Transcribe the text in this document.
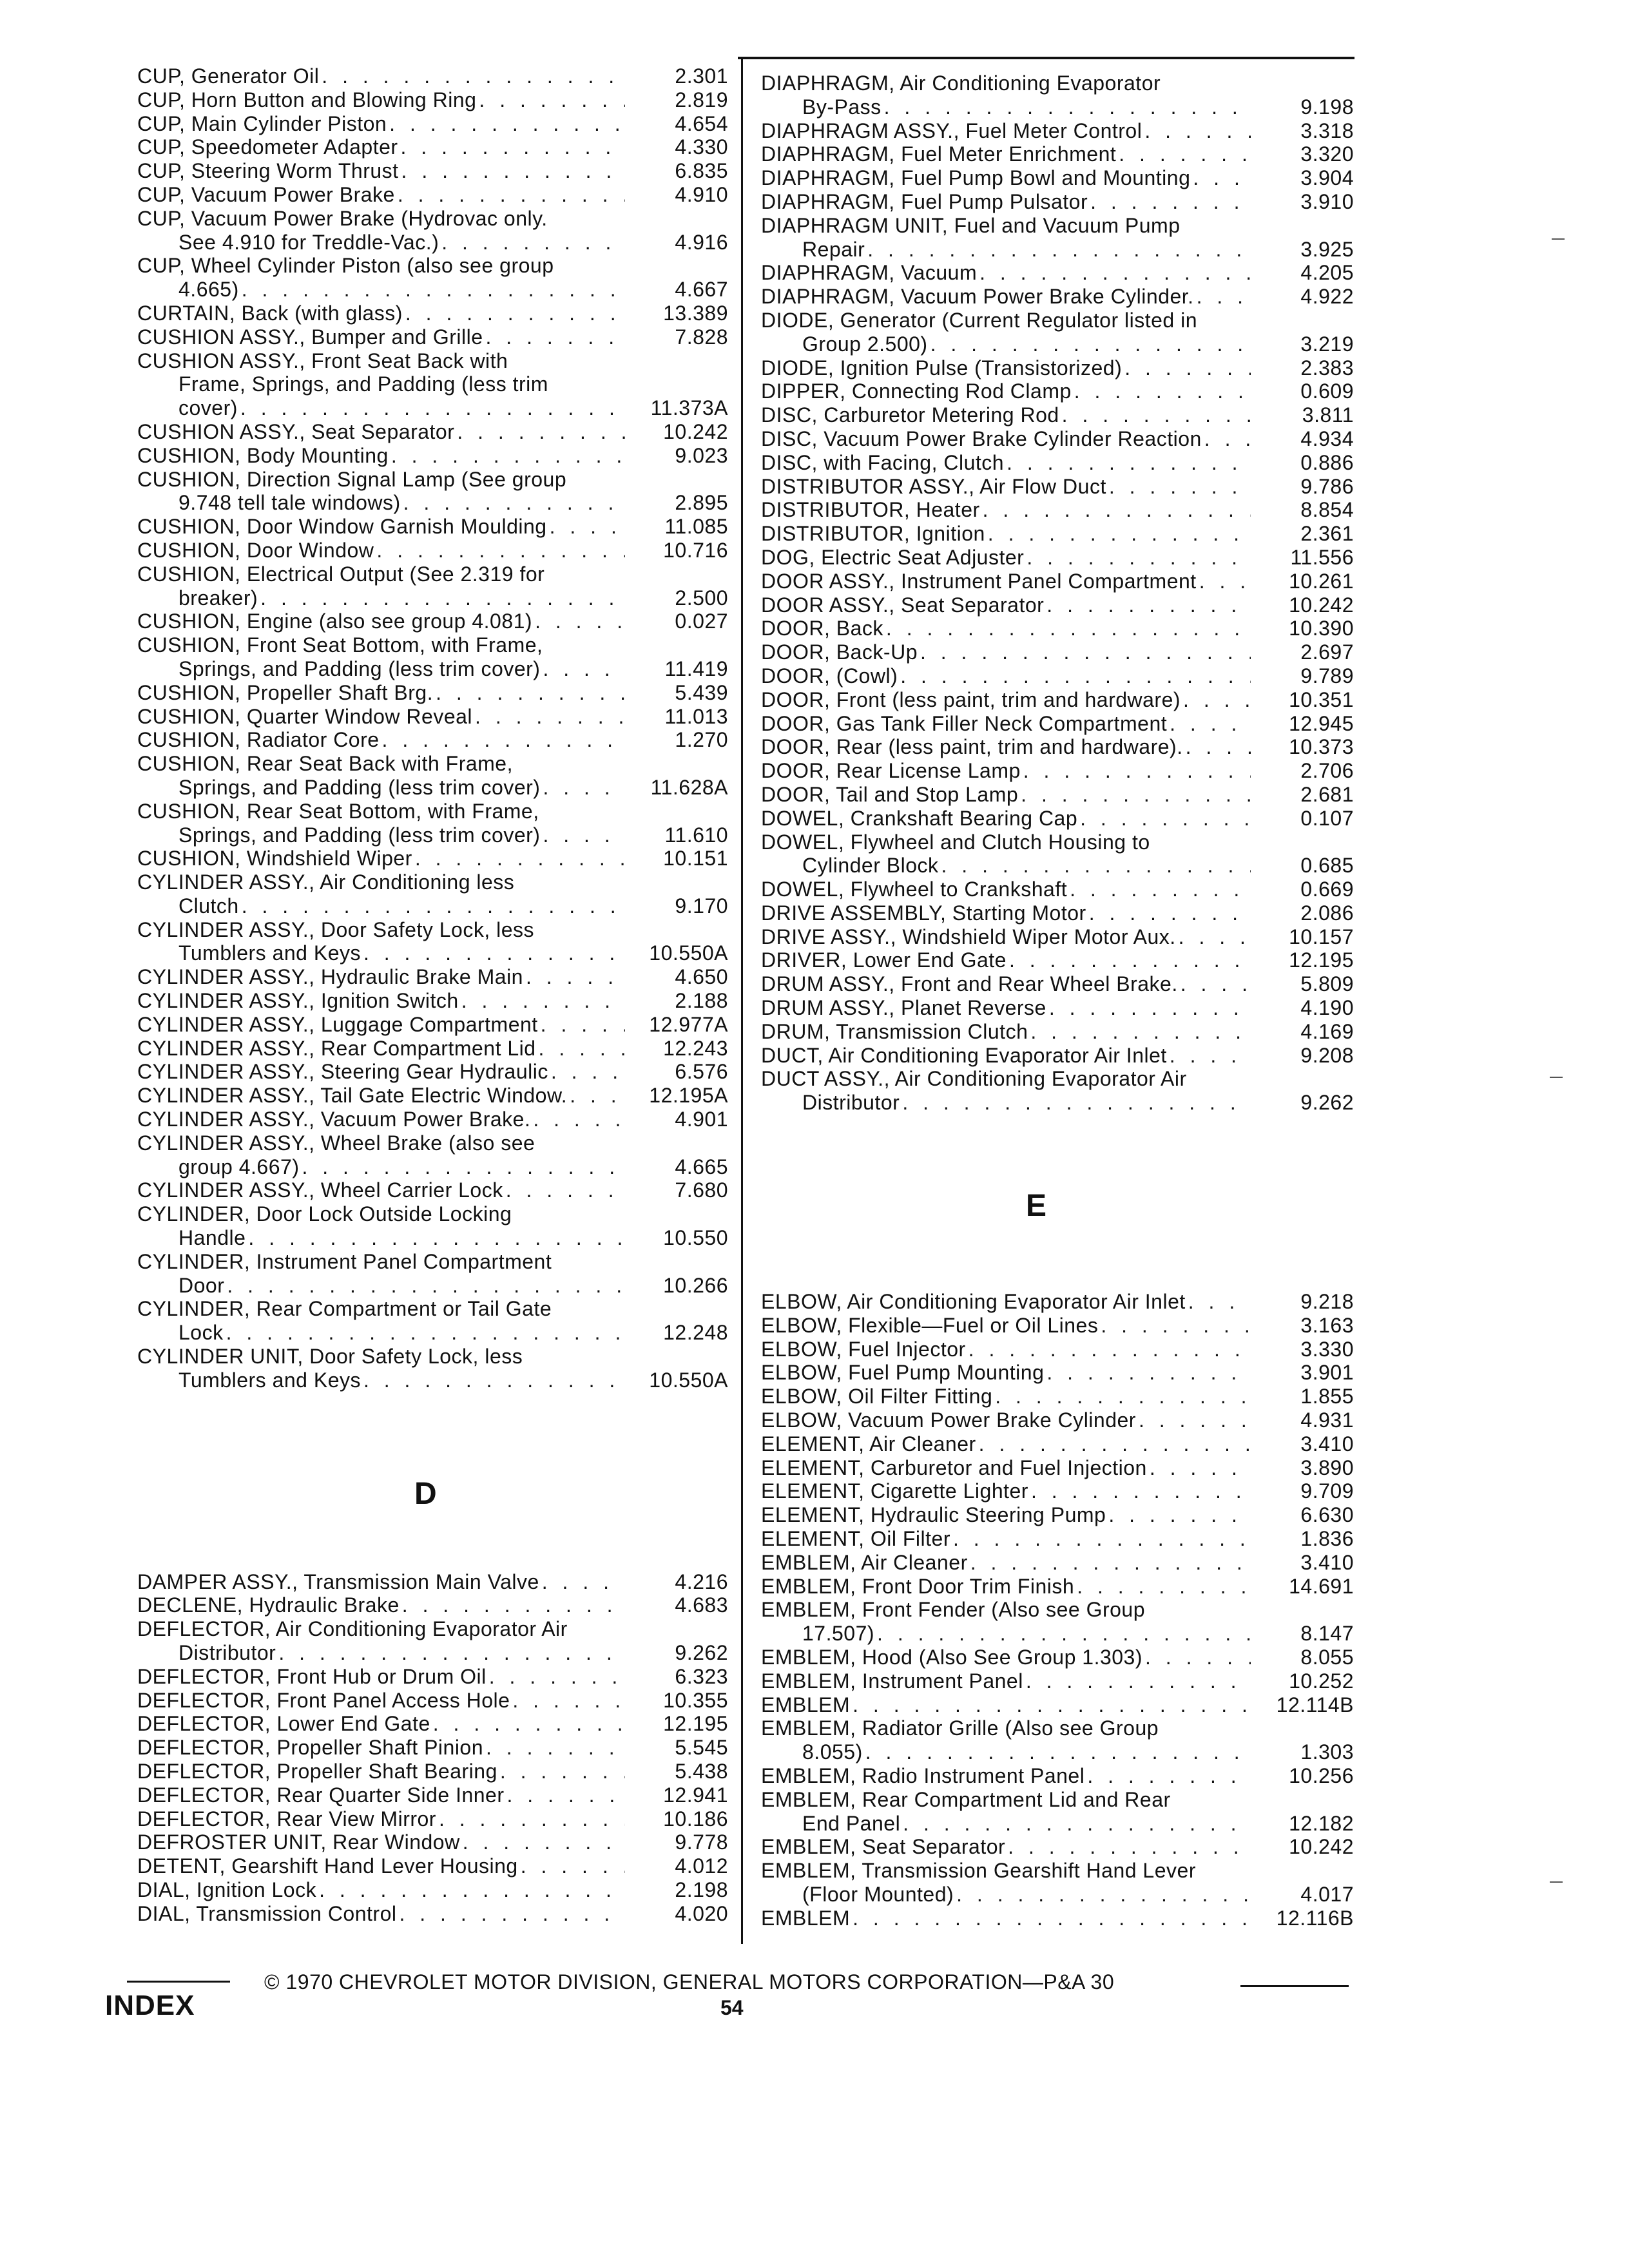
CUP, Generator Oil . . .	2.301
CUP, Horn Button and Blowing Ring . . .	2.819
CUP, Main Cylinder Piston . . .	4.654
CUP, Speedometer Adapter . . .	4.330
CUP, Steering Worm Thrust . . .	6.835
CUP, Vacuum Power Brake . . .	4.910
CUP, Vacuum Power Brake (Hydrovac only.
See 4.910 for Treddle-Vac.) . . .	4.916
CUP, Wheel Cylinder Piston (also see group
4.665) . . .	4.667
CURTAIN, Back (with glass) . . .	13.389
CUSHION ASSY., Bumper and Grille . . .	7.828
CUSHION ASSY., Front Seat Back with
Frame, Springs, and Padding (less trim
cover) . . .	11.373A
CUSHION ASSY., Seat Separator . . .	10.242
CUSHION, Body Mounting . . .	9.023
CUSHION, Direction Signal Lamp (See group
9.748 tell tale windows) . . .	2.895
CUSHION, Door Window Garnish Moulding . . .	11.085
CUSHION, Door Window . . .	10.716
CUSHION, Electrical Output (See 2.319 for
breaker) . . .	2.500
CUSHION, Engine (also see group 4.081) . . .	0.027
CUSHION, Front Seat Bottom, with Frame,
Springs, and Padding (less trim cover) . . .	11.419
CUSHION, Propeller Shaft Brg. . . .	5.439
CUSHION, Quarter Window Reveal . . .	11.013
CUSHION, Radiator Core . . .	1.270
CUSHION, Rear Seat Back with Frame,
Springs, and Padding (less trim cover) . . .	11.628A
CUSHION, Rear Seat Bottom, with Frame,
Springs, and Padding (less trim cover) . . .	11.610
CUSHION, Windshield Wiper . . .	10.151
CYLINDER ASSY., Air Conditioning less
Clutch . . .	9.170
CYLINDER ASSY., Door Safety Lock, less
Tumblers and Keys . . .	10.550A
CYLINDER ASSY., Hydraulic Brake Main . . .	4.650
CYLINDER ASSY., Ignition Switch . . .	2.188
CYLINDER ASSY., Luggage Compartment . . .	12.977A
CYLINDER ASSY., Rear Compartment Lid . . .	12.243
CYLINDER ASSY., Steering Gear Hydraulic . . .	6.576
CYLINDER ASSY., Tail Gate Electric Window. . . .	12.195A
CYLINDER ASSY., Vacuum Power Brake. . . .	4.901
CYLINDER ASSY., Wheel Brake (also see
group 4.667) . . .	4.665
CYLINDER ASSY., Wheel Carrier Lock . . .	7.680
CYLINDER, Door Lock Outside Locking
Handle . . .	10.550
CYLINDER, Instrument Panel Compartment
Door . . .	10.266
CYLINDER, Rear Compartment or Tail Gate
Lock . . .	12.248
CYLINDER UNIT, Door Safety Lock, less
Tumblers and Keys . . .	10.550A
D
DAMPER ASSY., Transmission Main Valve . . .	4.216
DECLENE, Hydraulic Brake . . .	4.683
DEFLECTOR, Air Conditioning Evaporator Air
Distributor . . .	9.262
DEFLECTOR, Front Hub or Drum Oil . . .	6.323
DEFLECTOR, Front Panel Access Hole . . .	10.355
DEFLECTOR, Lower End Gate . . .	12.195
DEFLECTOR, Propeller Shaft Pinion . . .	5.545
DEFLECTOR, Propeller Shaft Bearing . . .	5.438
DEFLECTOR, Rear Quarter Side Inner . . .	12.941
DEFLECTOR, Rear View Mirror . . .	10.186
DEFROSTER UNIT, Rear Window . . .	9.778
DETENT, Gearshift Hand Lever Housing . . .	4.012
DIAL, Ignition Lock . . .	2.198
DIAL, Transmission Control . . .	4.020
DIAPHRAGM, Air Conditioning Evaporator
By-Pass . . .	9.198
DIAPHRAGM ASSY., Fuel Meter Control . . .	3.318
DIAPHRAGM, Fuel Meter Enrichment . . .	3.320
DIAPHRAGM, Fuel Pump Bowl and Mounting . . .	3.904
DIAPHRAGM, Fuel Pump Pulsator . . .	3.910
DIAPHRAGM UNIT, Fuel and Vacuum Pump
Repair . . .	3.925
DIAPHRAGM, Vacuum . . .	4.205
DIAPHRAGM, Vacuum Power Brake Cylinder. . . .	4.922
DIODE, Generator (Current Regulator listed in
Group 2.500) . . .	3.219
DIODE, Ignition Pulse (Transistorized) . . .	2.383
DIPPER, Connecting Rod Clamp . . .	0.609
DISC, Carburetor Metering Rod . . .	3.811
DISC, Vacuum Power Brake Cylinder Reaction . . .	4.934
DISC, with Facing, Clutch . . .	0.886
DISTRIBUTOR ASSY., Air Flow Duct . . .	9.786
DISTRIBUTOR, Heater . . .	8.854
DISTRIBUTOR, Ignition . . .	2.361
DOG, Electric Seat Adjuster . . .	11.556
DOOR ASSY., Instrument Panel Compartment . . .	10.261
DOOR ASSY., Seat Separator . . .	10.242
DOOR, Back . . .	10.390
DOOR, Back-Up . . .	2.697
DOOR, (Cowl) . . .	9.789
DOOR, Front (less paint, trim and hardware) . . .	10.351
DOOR, Gas Tank Filler Neck Compartment . . .	12.945
DOOR, Rear (less paint, trim and hardware). . . .	10.373
DOOR, Rear License Lamp . . .	2.706
DOOR, Tail and Stop Lamp . . .	2.681
DOWEL, Crankshaft Bearing Cap . . .	0.107
DOWEL, Flywheel and Clutch Housing to
Cylinder Block . . .	0.685
DOWEL, Flywheel to Crankshaft . . .	0.669
DRIVE ASSEMBLY, Starting Motor . . .	2.086
DRIVE ASSY., Windshield Wiper Motor Aux. . . .	10.157
DRIVER, Lower End Gate . . .	12.195
DRUM ASSY., Front and Rear Wheel Brake. . . .	5.809
DRUM ASSY., Planet Reverse . . .	4.190
DRUM, Transmission Clutch . . .	4.169
DUCT, Air Conditioning Evaporator Air Inlet . . .	9.208
DUCT ASSY., Air Conditioning Evaporator Air
Distributor . . .	9.262
E
ELBOW, Air Conditioning Evaporator Air Inlet . . .	9.218
ELBOW, Flexible—Fuel or Oil Lines . . .	3.163
ELBOW, Fuel Injector . . .	3.330
ELBOW, Fuel Pump Mounting . . .	3.901
ELBOW, Oil Filter Fitting . . .	1.855
ELBOW, Vacuum Power Brake Cylinder . . .	4.931
ELEMENT, Air Cleaner . . .	3.410
ELEMENT, Carburetor and Fuel Injection . . .	3.890
ELEMENT, Cigarette Lighter . . .	9.709
ELEMENT, Hydraulic Steering Pump . . .	6.630
ELEMENT, Oil Filter . . .	1.836
EMBLEM, Air Cleaner . . .	3.410
EMBLEM, Front Door Trim Finish . . .	14.691
EMBLEM, Front Fender (Also see Group
17.507) . . .	8.147
EMBLEM, Hood (Also See Group 1.303) . . .	8.055
EMBLEM, Instrument Panel . . .	10.252
EMBLEM . . .	12.114B
EMBLEM, Radiator Grille (Also see Group
8.055) . . .	1.303
EMBLEM, Radio Instrument Panel . . .	10.256
EMBLEM, Rear Compartment Lid and Rear
End Panel . . .	12.182
EMBLEM, Seat Separator . . .	10.242
EMBLEM, Transmission Gearshift Hand Lever
(Floor Mounted) . . .	4.017
EMBLEM . . .	12.116B
INDEX
© 1970 CHEVROLET MOTOR DIVISION, GENERAL MOTORS CORPORATION—P&A 30
54
